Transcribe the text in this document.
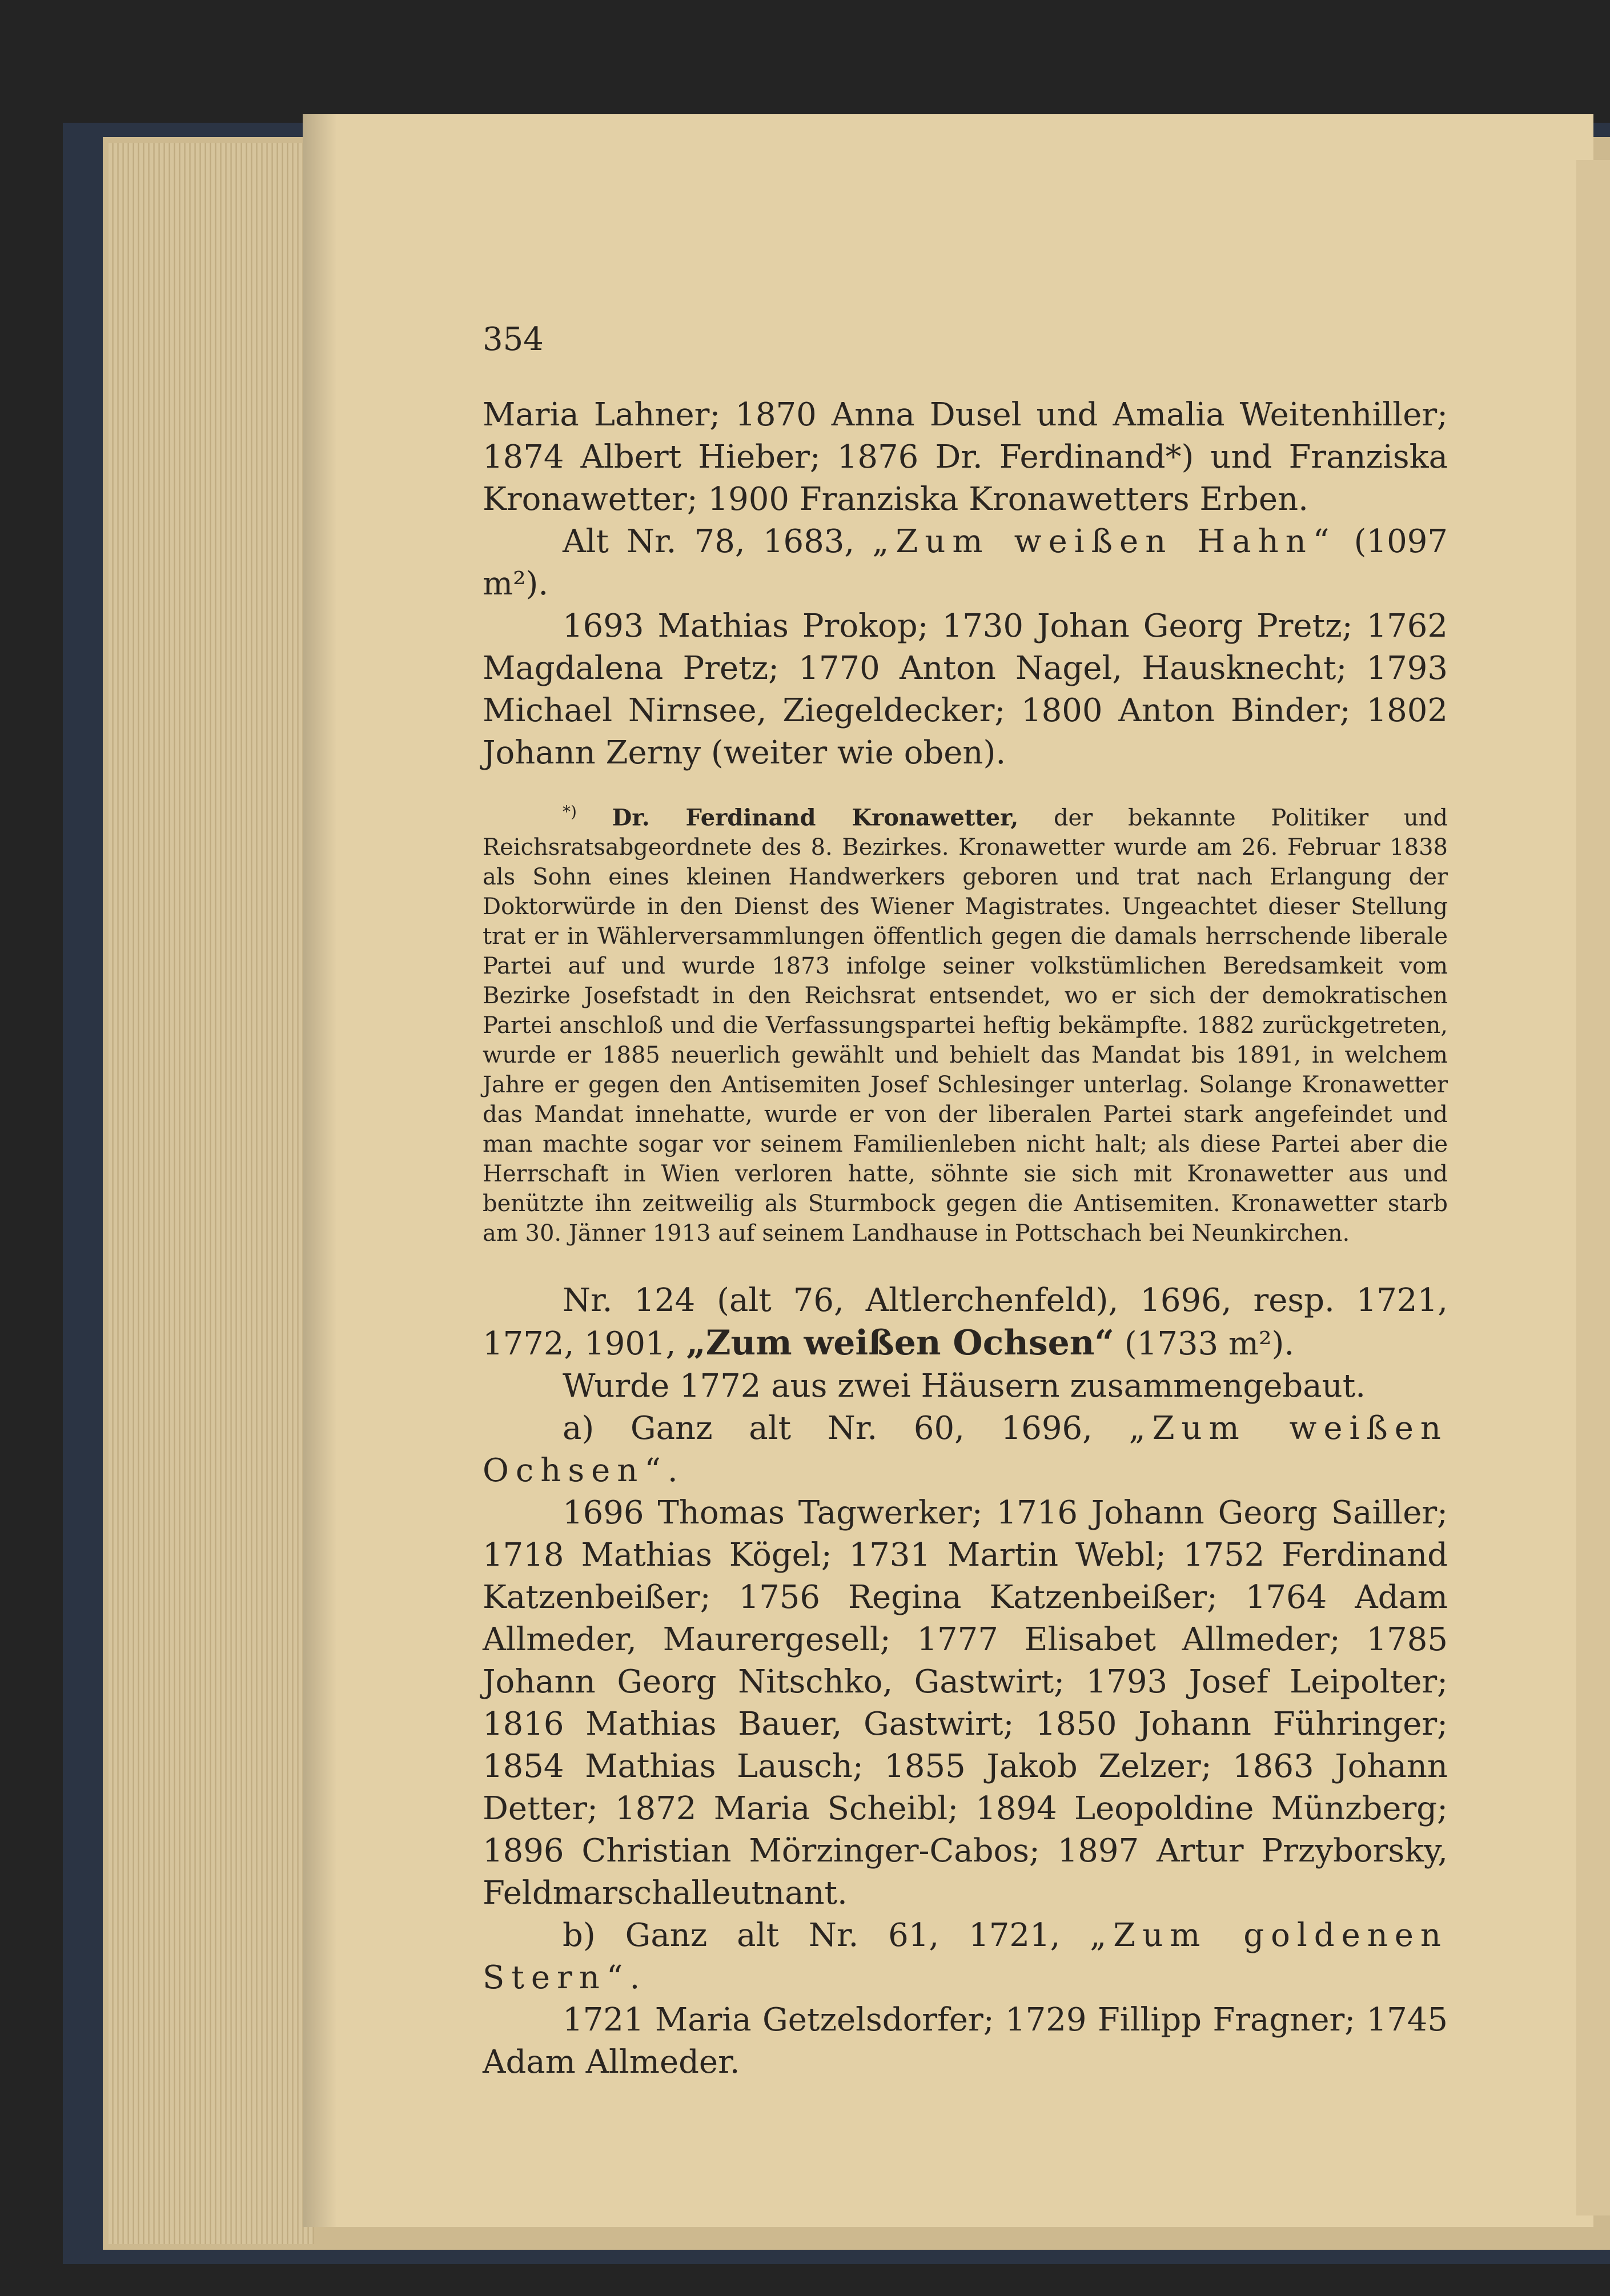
354

Maria Lahner; 1870 Anna Dusel und Amalia Weitenhiller; 1874 Albert Hieber; 1876 Dr. Ferdinand*) und Franziska Kronawetter; 1900 Franziska Kronawetters Erben.

Alt Nr. 78, 1683, „Zum weißen Hahn“ (1097 m²).

1693 Mathias Prokop; 1730 Johan Georg Pretz; 1762 Magdalena Pretz; 1770 Anton Nagel, Hausknecht; 1793 Michael Nirnsee, Ziegeldecker; 1800 Anton Binder; 1802 Johann Zerny (weiter wie oben).

*) Dr. Ferdinand Kronawetter, der bekannte Politiker und Reichsratsabgeordnete des 8. Bezirkes. Kronawetter wurde am 26. Februar 1838 als Sohn eines kleinen Handwerkers geboren und trat nach Erlangung der Doktorwürde in den Dienst des Wiener Magistrates. Ungeachtet dieser Stellung trat er in Wählerversammlungen öffentlich gegen die damals herrschende liberale Partei auf und wurde 1873 infolge seiner volkstümlichen Beredsamkeit vom Bezirke Josefstadt in den Reichsrat entsendet, wo er sich der demokratischen Partei anschloß und die Verfassungspartei heftig bekämpfte. 1882 zurückgetreten, wurde er 1885 neuerlich gewählt und behielt das Mandat bis 1891, in welchem Jahre er gegen den Antisemiten Josef Schlesinger unterlag. Solange Kronawetter das Mandat innehatte, wurde er von der liberalen Partei stark angefeindet und man machte sogar vor seinem Familienleben nicht halt; als diese Partei aber die Herrschaft in Wien verloren hatte, söhnte sie sich mit Kronawetter aus und benützte ihn zeitweilig als Sturmbock gegen die Antisemiten. Kronawetter starb am 30. Jänner 1913 auf seinem Landhause in Pottschach bei Neunkirchen.

Nr. 124 (alt 76, Altlerchenfeld), 1696, resp. 1721, 1772, 1901, „Zum weißen Ochsen“ (1733 m²).

Wurde 1772 aus zwei Häusern zusammengebaut.

a) Ganz alt Nr. 60, 1696, „Zum weißen Ochsen“.

1696 Thomas Tagwerker; 1716 Johann Georg Sailler; 1718 Mathias Kögel; 1731 Martin Webl; 1752 Ferdinand Katzenbeißer; 1756 Regina Katzenbeißer; 1764 Adam Allmeder, Maurergesell; 1777 Elisabet Allmeder; 1785 Johann Georg Nitschko, Gastwirt; 1793 Josef Leipolter; 1816 Mathias Bauer, Gastwirt; 1850 Johann Führinger; 1854 Mathias Lausch; 1855 Jakob Zelzer; 1863 Johann Detter; 1872 Maria Scheibl; 1894 Leopoldine Münzberg; 1896 Christian Mörzinger-Cabos; 1897 Artur Przyborsky, Feldmarschalleutnant.

b) Ganz alt Nr. 61, 1721, „Zum goldenen Stern“.

1721 Maria Getzelsdorfer; 1729 Fillipp Fragner; 1745 Adam Allmeder.
